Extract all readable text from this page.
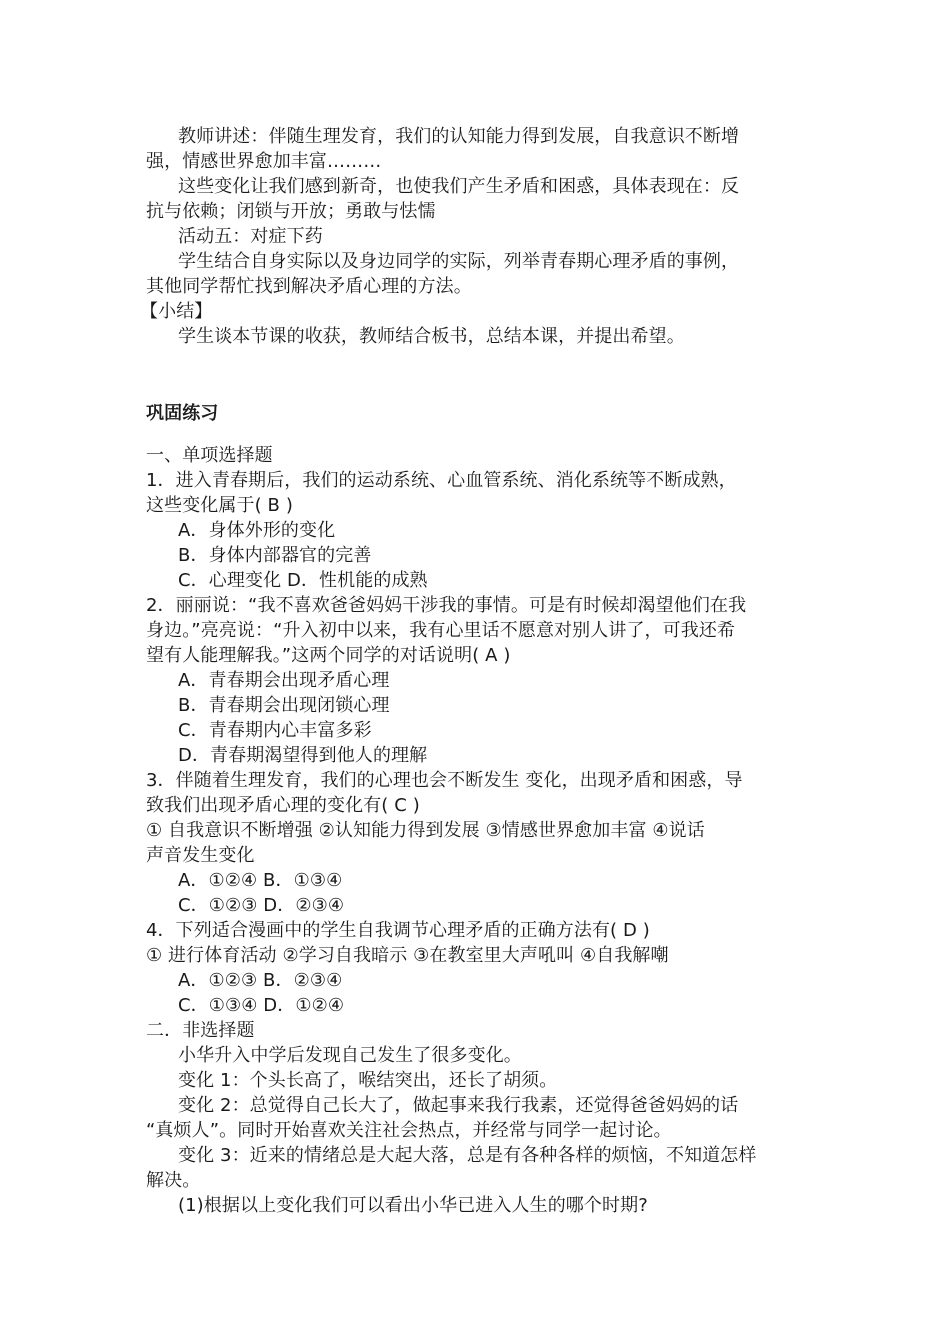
教师讲述：伴随生理发育，我们的认知能力得到发展，自我意识不断增
强，情感世界愈加丰富………
这些变化让我们感到新奇，也使我们产生矛盾和困惑，具体表现在：反
抗与依赖；闭锁与开放；勇敢与怯懦
活动五：对症下药
学生结合自身实际以及身边同学的实际，列举青春期心理矛盾的事例，
其他同学帮忙找到解决矛盾心理的方法。
【小结】
学生谈本节课的收获，教师结合板书，总结本课，并提出希望。
巩固练习
一、单项选择题
1．进入青春期后，我们的运动系统、心血管系统、消化系统等不断成熟，
这些变化属于( B )
A．身体外形的变化
B．身体内部器官的完善
C．心理变化 D．性机能的成熟
2．丽丽说：“我不喜欢爸爸妈妈干涉我的事情。可是有时候却渴望他们在我
身边。”亮亮说：“升入初中以来，我有心里话不愿意对别人讲了，可我还希
望有人能理解我。”这两个同学的对话说明( A )
A．青春期会出现矛盾心理
B．青春期会出现闭锁心理
C．青春期内心丰富多彩
D．青春期渴望得到他人的理解
3．伴随着生理发育，我们的心理也会不断发生 变化，出现矛盾和困惑，导
致我们出现矛盾心理的变化有( C )
① 自我意识不断增强 ②认知能力得到发展 ③情感世界愈加丰富 ④说话
声音发生变化
A．①②④ B．①③④
C．①②③ D．②③④
4．下列适合漫画中的学生自我调节心理矛盾的正确方法有( D )
① 进行体育活动 ②学习自我暗示 ③在教室里大声吼叫 ④自我解嘲
A．①②③ B．②③④
C．①③④ D．①②④
二．非选择题
小华升入中学后发现自己发生了很多变化。
变化 1：个头长高了，喉结突出，还长了胡须。
变化 2：总觉得自己长大了，做起事来我行我素，还觉得爸爸妈妈的话
“真烦人”。同时开始喜欢关注社会热点，并经常与同学一起讨论。
变化 3：近来的情绪总是大起大落，总是有各种各样的烦恼，不知道怎样
解决。
(1)根据以上变化我们可以看出小华已进入人生的哪个时期?
